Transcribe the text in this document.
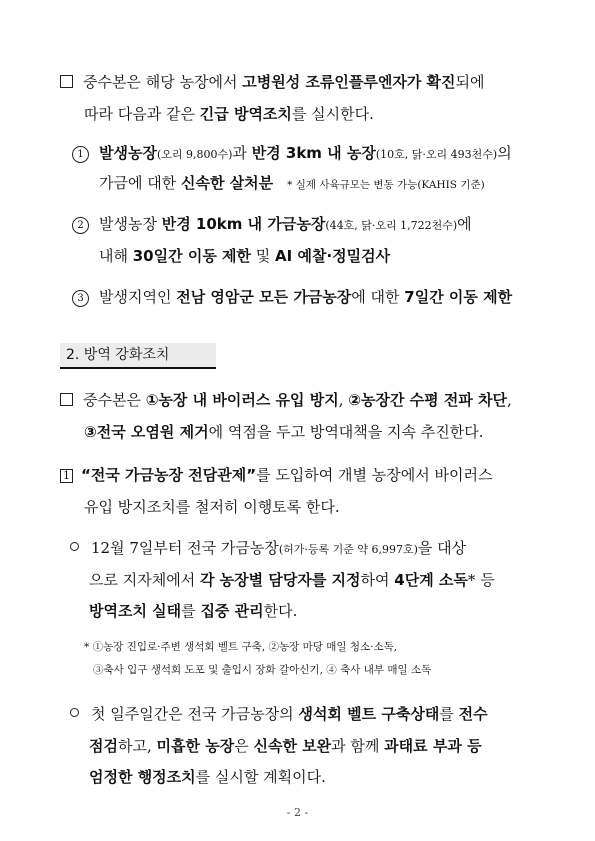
중수본은 해당 농장에서 고병원성 조류인플루엔자가 확진되에
따라 다음과 같은 긴급 방역조치를 실시한다.
1 발생농장(오리 9,800수)과 반경 3km 내 농장(10호, 닭·오리 493천수)의
가금에 대한 신속한 살처분 * 실제 사육규모는 변동 가능(KAHIS 기준)
2 발생농장 반경 10km 내 가금농장(44호, 닭·오리 1,722천수)에
내해 30일간 이동 제한 및 AI 예찰·정밀검사
3 발생지역인 전남 영암군 모든 가금농장에 대한 7일간 이동 제한
2. 방역 강화조치
중수본은 ①농장 내 바이러스 유입 방지, ②농장간 수평 전파 차단,
③전국 오염원 제거에 역점을 두고 방역대책을 지속 추진한다.
1 “전국 가금농장 전담관제”를 도입하여 개별 농장에서 바이러스
유입 방지조치를 철저히 이행토록 한다.
12월 7일부터 전국 가금농장(허가·등록 기준 약 6,997호)을 대상
으로 지자체에서 각 농장별 담당자를 지정하여 4단계 소독* 등
방역조치 실태를 집중 관리한다.
* ①농장 진입로·주변 생석회 벨트 구축, ②농장 마당 매일 청소·소독,
③축사 입구 생석회 도포 및 출입시 장화 갈아신기, ④ 축사 내부 매일 소독
첫 일주일간은 전국 가금농장의 생석회 벨트 구축상태를 전수
점검하고, 미흡한 농장은 신속한 보완과 함께 과태료 부과 등
엄정한 행정조치를 실시할 계획이다.
- 2 -
